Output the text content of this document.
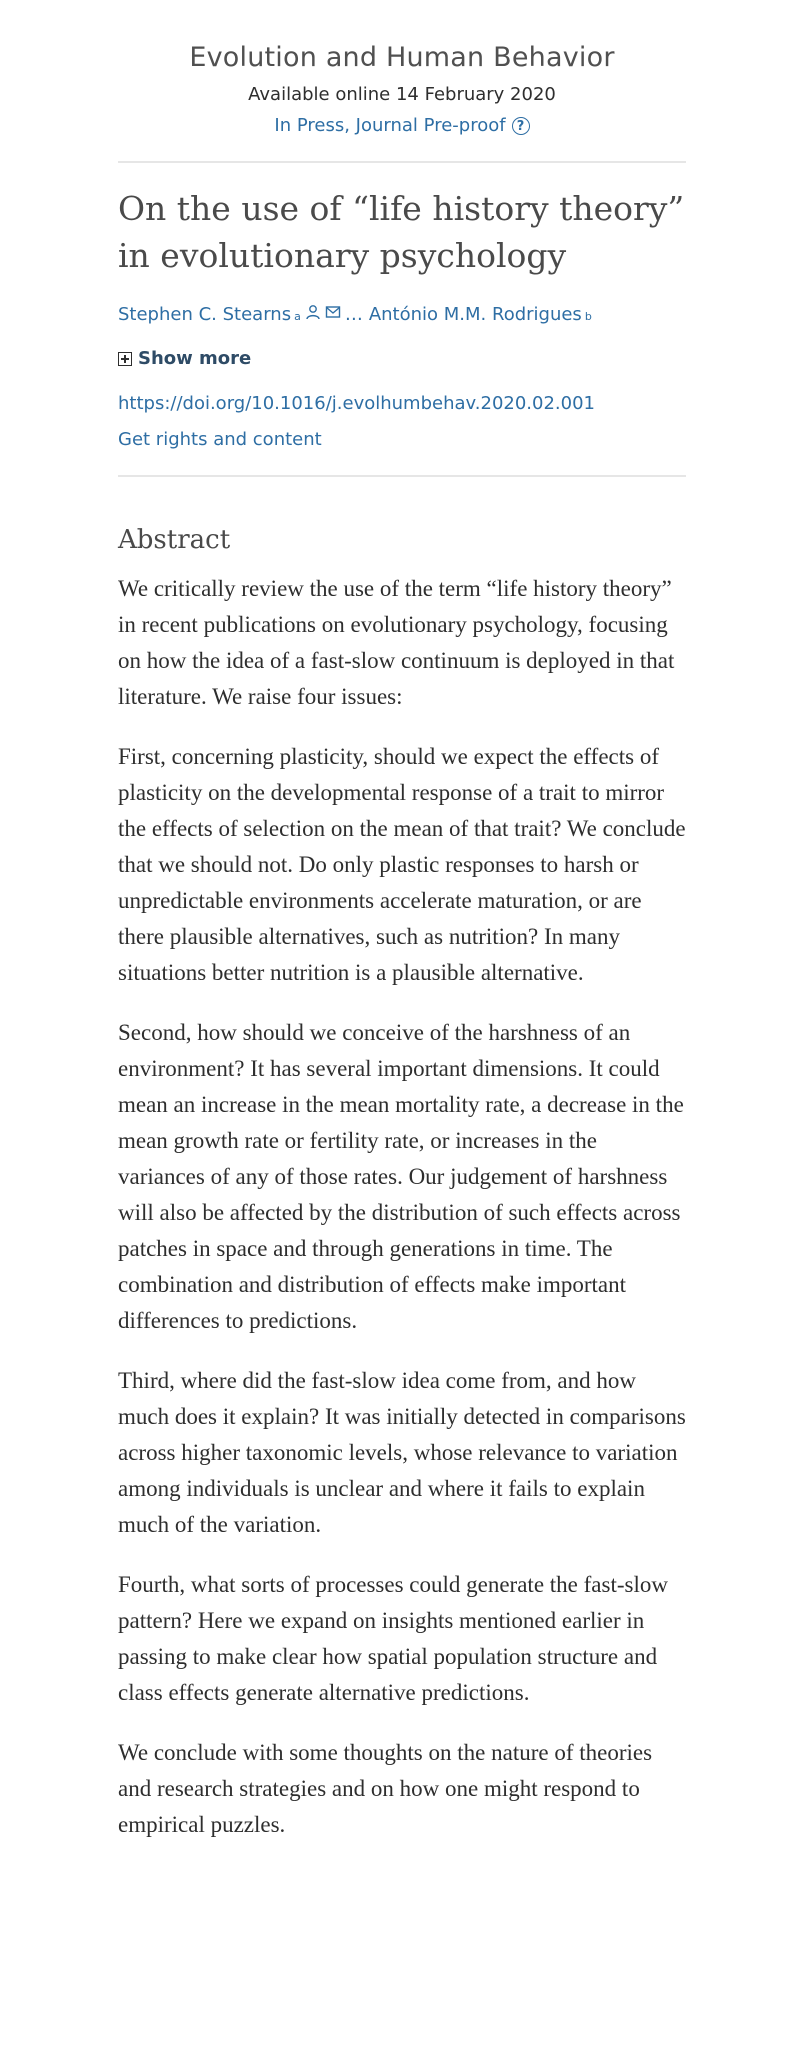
Evolution and Human Behavior
Available online 14 February 2020
In Press, Journal Pre-proof ?
On the use of “life history theory” in evolutionary psychology
Stephen C. Stearns a … António M.M. Rodrigues b
Show more
https://doi.org/10.1016/j.evolhumbehav.2020.02.001
Get rights and content
Abstract

We critically review the use of the term “life history theory” in recent publications on evolutionary psychology, focusing on how the idea of a fast-slow continuum is deployed in that literature. We raise four issues:

First, concerning plasticity, should we expect the effects of plasticity on the developmental response of a trait to mirror the effects of selection on the mean of that trait? We conclude that we should not. Do only plastic responses to harsh or unpredictable environments accelerate maturation, or are there plausible alternatives, such as nutrition? In many situations better nutrition is a plausible alternative.

Second, how should we conceive of the harshness of an environment? It has several important dimensions. It could mean an increase in the mean mortality rate, a decrease in the mean growth rate or fertility rate, or increases in the variances of any of those rates. Our judgement of harshness will also be affected by the distribution of such effects across patches in space and through generations in time. The combination and distribution of effects make important differences to predictions.

Third, where did the fast-slow idea come from, and how much does it explain? It was initially detected in comparisons across higher taxonomic levels, whose relevance to variation among individuals is unclear and where it fails to explain much of the variation.

Fourth, what sorts of processes could generate the fast-slow pattern? Here we expand on insights mentioned earlier in passing to make clear how spatial population structure and class effects generate alternative predictions.

We conclude with some thoughts on the nature of theories and research strategies and on how one might respond to empirical puzzles.
